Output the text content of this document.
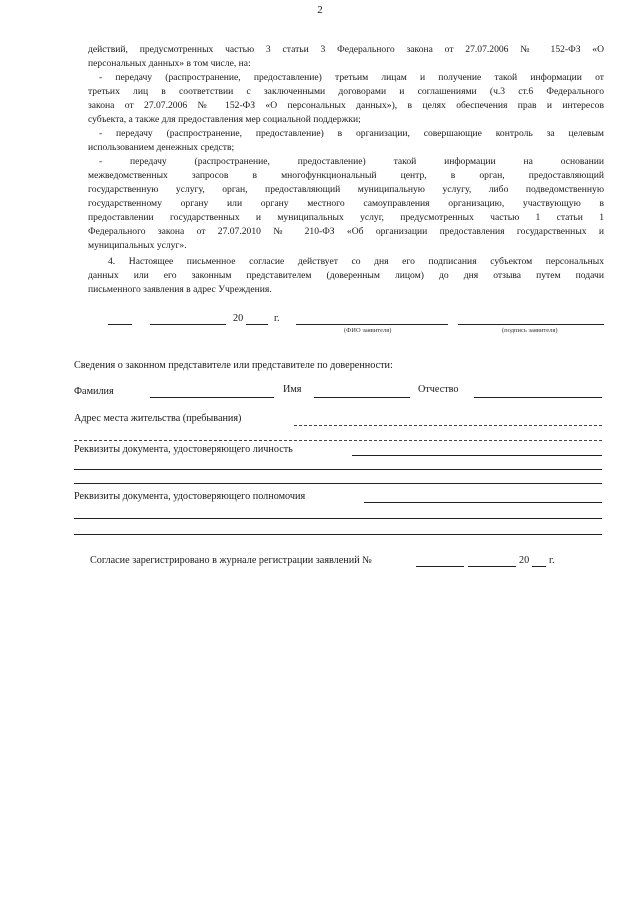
2
действий, предусмотренных частью 3 статьи 3 Федерального закона от 27.07.2006 № 152-ФЗ «О
персональных данных» в том числе, на:
- передачу (распространение, предоставление) третьим лицам и получение такой информации от
третьих лиц в соответствии с заключенными договорами и соглашениями (ч.3 ст.6 Федерального
закона от 27.07.2006 № 152-ФЗ «О персональных данных»), в целях обеспечения прав и интересов
субъекта, а также для предоставления мер социальной поддержки;
- передачу (распространение, предоставление) в организации, совершающие контроль за целевым
использованием денежных средств;
- передачу (распространение, предоставление) такой информации на основании
межведомственных запросов в многофункциональный центр, в орган, предоставляющий
государственную услугу, орган, предоставляющий муниципальную услугу, либо подведомственную
государственному органу или органу местного самоуправления организацию, участвующую в
предоставлении государственных и муниципальных услуг, предусмотренных частью 1 статьи 1
Федерального закона от 27.07.2010 № 210-ФЗ «Об организации предоставления государственных и
муниципальных услуг».
4. Настоящее письменное согласие действует со дня его подписания субъектом персональных
данных или его законным представителем (доверенным лицом) до дня отзыва путем подачи
письменного заявления в адрес Учреждения.
20	г.
(ФИО заявителя)	(подпись заявителя)
Сведения о законном представителе или представителе по доверенности:
Фамилия	Имя	Отчество
Адрес места жительства (пребывания)
Реквизиты документа, удостоверяющего личность
Реквизиты документа, удостоверяющего полномочия
Согласие зарегистрировано в журнале регистрации заявлений №	20 г.
